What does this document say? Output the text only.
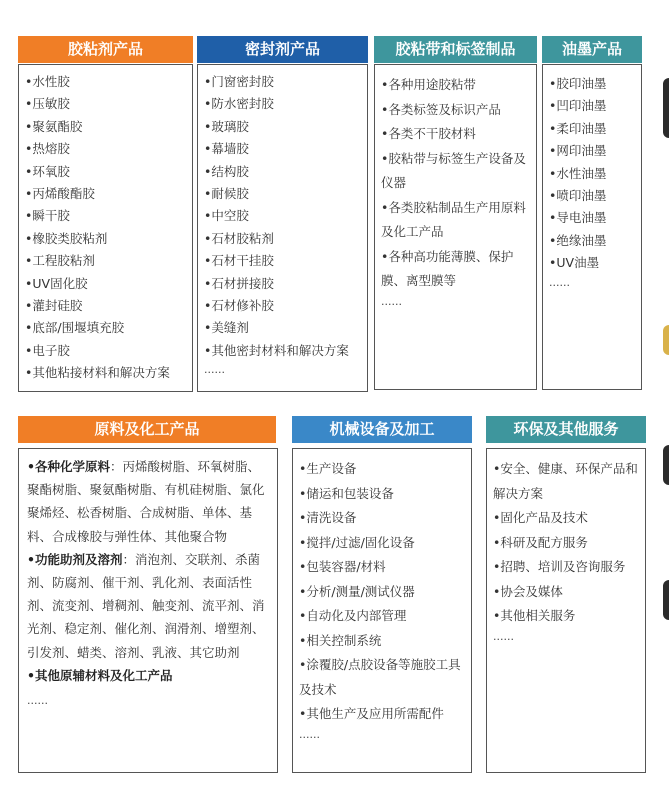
胶粘剂产品
•水性胶
•压敏胶
•聚氨酯胶
•热熔胶
•环氧胶
•丙烯酸酯胶
•瞬干胶
•橡胶类胶粘剂
•工程胶粘剂
•UV固化胶
•灌封硅胶
•底部/围堰填充胶
•电子胶
•其他粘接材料和解决方案
密封剂产品
•门窗密封胶
•防水密封胶
•玻璃胶
•幕墙胶
•结构胶
•耐候胶
•中空胶
•石材胶粘剂
•石材干挂胶
•石材拼接胶
•石材修补胶
•美缝剂
•其他密封材料和解决方案
......
胶粘带和标签制品
•各种用途胶粘带
•各类标签及标识产品
•各类不干胶材料
•胶粘带与标签生产设备及仪器
•各类胶粘制品生产用原料及化工产品
•各种高功能薄膜、保护膜、离型膜等
......
油墨产品
•胶印油墨
•凹印油墨
•柔印油墨
•网印油墨
•水性油墨
•喷印油墨
•导电油墨
•绝缘油墨
•UV油墨
......
原料及化工产品
•各种化学原料：丙烯酸树脂、环氧树脂、聚酯树脂、聚氨酯树脂、有机硅树脂、氯化聚烯烃、松香树脂、合成树脂、单体、基料、合成橡胶与弹性体、其他聚合物
•功能助剂及溶剂：消泡剂、交联剂、杀菌剂、防腐剂、催干剂、乳化剂、表面活性剂、流变剂、增稠剂、触变剂、流平剂、消光剂、稳定剂、催化剂、润滑剂、增塑剂、引发剂、蜡类、溶剂、乳液、其它助剂
•其他原辅材料及化工产品
......
机械设备及加工
•生产设备
•储运和包装设备
•清洗设备
•搅拌/过滤/固化设备
•包装容器/材料
•分析/测量/测试仪器
•自动化及内部管理
•相关控制系统
•涂覆胶/点胶设备等施胶工具及技术
•其他生产及应用所需配件
......
环保及其他服务
•安全、健康、环保产品和解决方案
•固化产品及技术
•科研及配方服务
•招聘、培训及咨询服务
•协会及媒体
•其他相关服务
......
